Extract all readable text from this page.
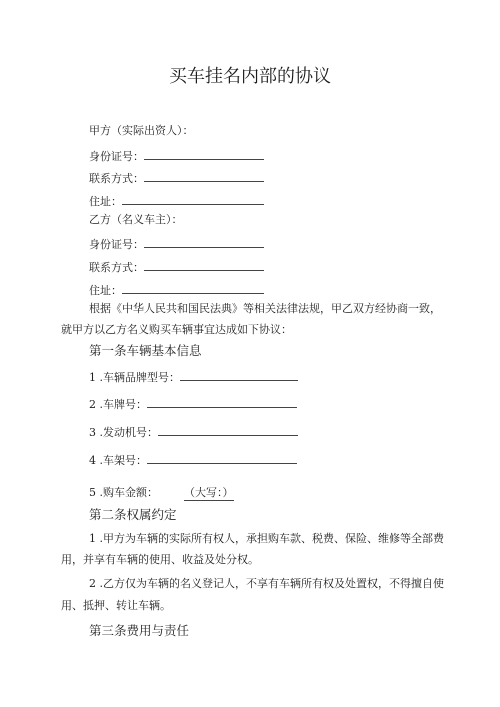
买车挂名内部的协议
甲方（实际出资人）：
身份证号：
联系方式：
住址：
乙方（名义车主）：
身份证号：
联系方式：
住址：
根据《中华人民共和国民法典》等相关法律法规，甲乙双方经协商一致，
就甲方以乙方名义购买车辆事宜达成如下协议：
第一条车辆基本信息
1 .车辆品牌型号：
2 .车牌号：
3 .发动机号：
4 .车架号：
5 .购车金额： （大写：）
第二条权属约定
1 .甲方为车辆的实际所有权人，承担购车款、税费、保险、维修等全部费
用，并享有车辆的使用、收益及处分权。
2 .乙方仅为车辆的名义登记人，不享有车辆所有权及处置权，不得擅自使
用、抵押、转让车辆。
第三条费用与责任
